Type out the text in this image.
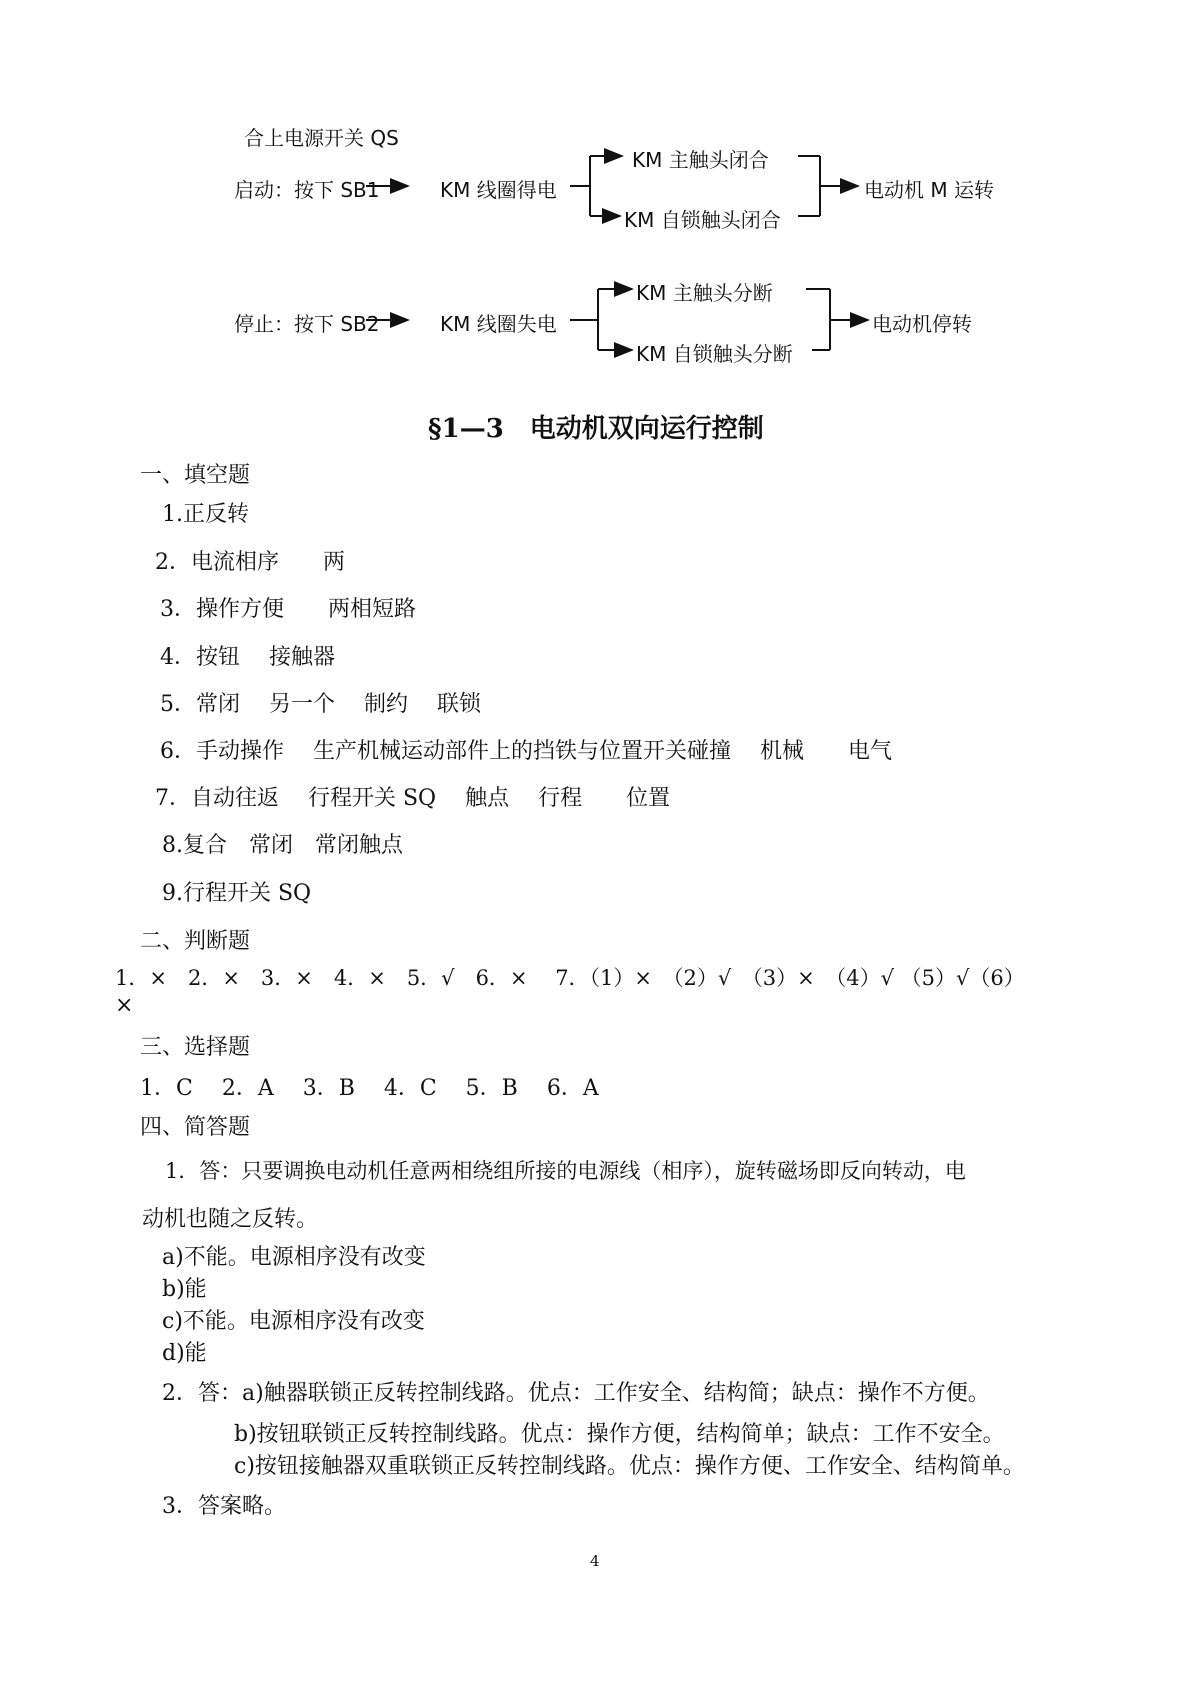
合上电源开关 QS
启动：按下 SB1	KM 线圈得电
KM 主触头闭合
KM 自锁触头闭合
电动机 M 运转
停止：按下 SB2	KM 线圈失电
KM 主触头分断
KM 自锁触头分断
电动机停转
§1—3　电动机双向运行控制
一、填空题
1.正反转
2．电流相序　　两
3．操作方便　　两相短路
4．按钮　 接触器
5．常闭　 另一个　 制约　 联锁
6．手动操作　 生产机械运动部件上的挡铁与位置开关碰撞　 机械　　电气
7．自动往返　 行程开关 SQ　 触点　 行程　　位置
8.复合　常闭　常闭触点
9.行程开关 SQ
二、判断题
1．×　2．×　3．×　4．×　5．√　6．×　 7．（1）×　（2）√　（3）×　（4）√ （5）√（6）
×
三、选择题
1．C　 2．A　 3．B　 4．C　 5．B　 6．A
四、简答题
1．答：只要调换电动机任意两相绕组所接的电源线（相序），旋转磁场即反向转动，电
动机也随之反转。
a)不能。电源相序没有改变
b)能
c)不能。电源相序没有改变
d)能
2．答：a)触器联锁正反转控制线路。优点：工作安全、结构简；缺点：操作不方便。
b)按钮联锁正反转控制线路。优点：操作方便，结构简单；缺点：工作不安全。
c)按钮接触器双重联锁正反转控制线路。优点：操作方便、工作安全、结构简单。
3．答案略。
4
